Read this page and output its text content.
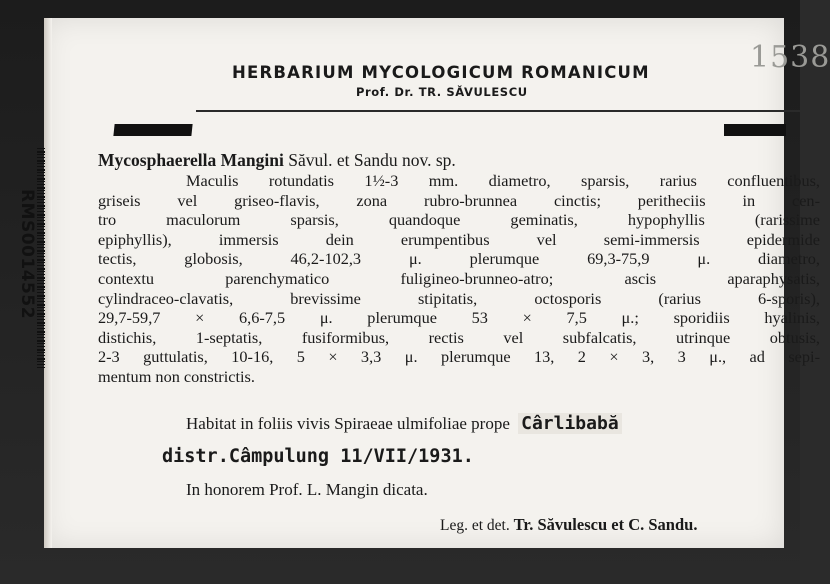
1538
HERBARIUM MYCOLOGICUM ROMANICUM
Prof. Dr. TR. SĂVULESCU
Mycosphaerella Mangini Săvul. et Sandu nov. sp.
Maculis rotundatis 1½-3 mm. diametro, sparsis, rarius confluentibus,
griseis vel griseo-flavis, zona rubro-brunnea cinctis; peritheciis in cen-
tro maculorum sparsis, quandoque geminatis, hypophyllis (rarissime
epiphyllis), immersis dein erumpentibus vel semi-immersis epidermide
tectis, globosis, 46,2-102,3 μ. plerumque 69,3-75,9 μ. diametro,
contextu parenchymatico fuligineo-brunneo-atro; ascis aparaphysatis,
cylindraceo-clavatis, brevissime stipitatis, octosporis (rarius 6-sporis),
29,7-59,7 × 6,6-7,5 μ. plerumque 53 × 7,5 μ.; sporidiis hyalinis,
distichis, 1-septatis, fusiformibus, rectis vel subfalcatis, utrinque obtusis,
2-3 guttulatis, 10-16, 5 × 3,3 μ. plerumque 13, 2 × 3, 3 μ., ad sepi-
mentum non constrictis.
Habitat in foliis vivis Spiraeae ulmifoliae prope Cârlibabă
distr.Câmpulung 11/VII/1931.
In honorem Prof. L. Mangin dicata.
Leg. et det. Tr. Săvulescu et C. Sandu.
RMS0014552
